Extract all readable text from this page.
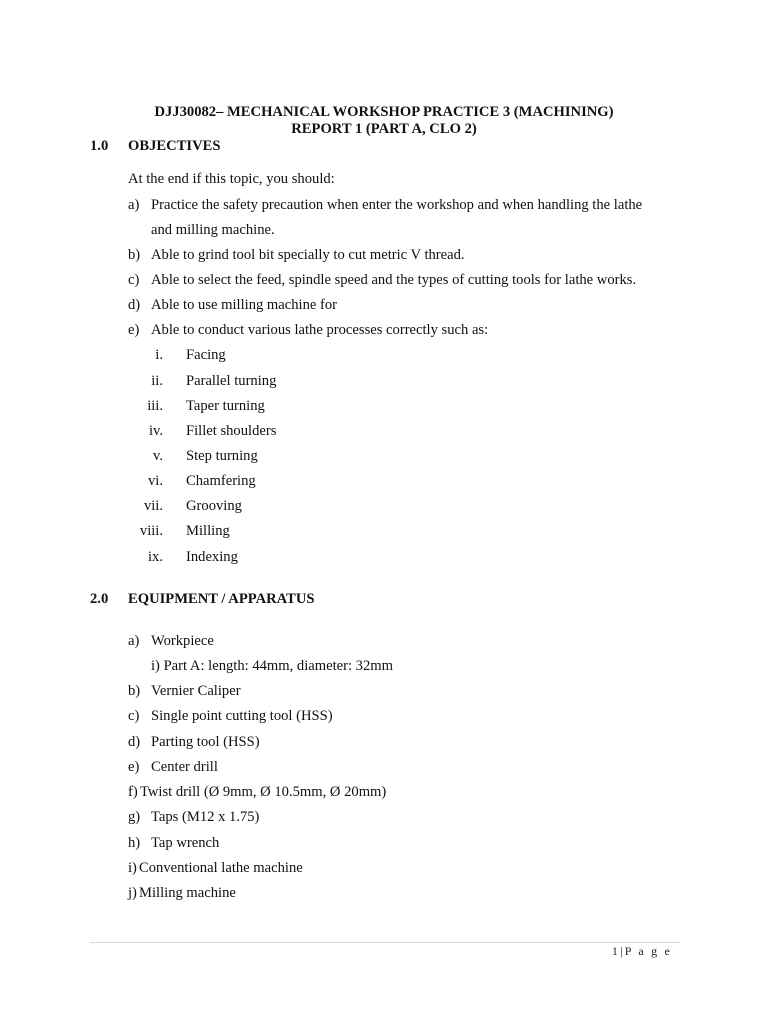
DJJ30082– MECHANICAL WORKSHOP PRACTICE 3 (MACHINING)
REPORT 1 (PART A, CLO 2)
1.0 OBJECTIVES
At the end if this topic, you should:
a) Practice the safety precaution when enter the workshop and when handling the lathe
and milling machine.
b) Able to grind tool bit specially to cut metric V thread.
c) Able to select the feed, spindle speed and the types of cutting tools for lathe works.
d) Able to use milling machine for
e) Able to conduct various lathe processes correctly such as:
i. Facing
ii. Parallel turning
iii. Taper turning
iv. Fillet shoulders
v. Step turning
vi. Chamfering
vii. Grooving
viii. Milling
ix. Indexing
2.0 EQUIPMENT / APPARATUS
a) Workpiece
i) Part A: length: 44mm, diameter: 32mm
b) Vernier Caliper
c) Single point cutting tool (HSS)
d) Parting tool (HSS)
e) Center drill
f) Twist drill (Ø 9mm, Ø 10.5mm, Ø 20mm)
g) Taps (M12 x 1.75)
h) Tap wrench
i) Conventional lathe machine
j) Milling machine
1|P a g e
